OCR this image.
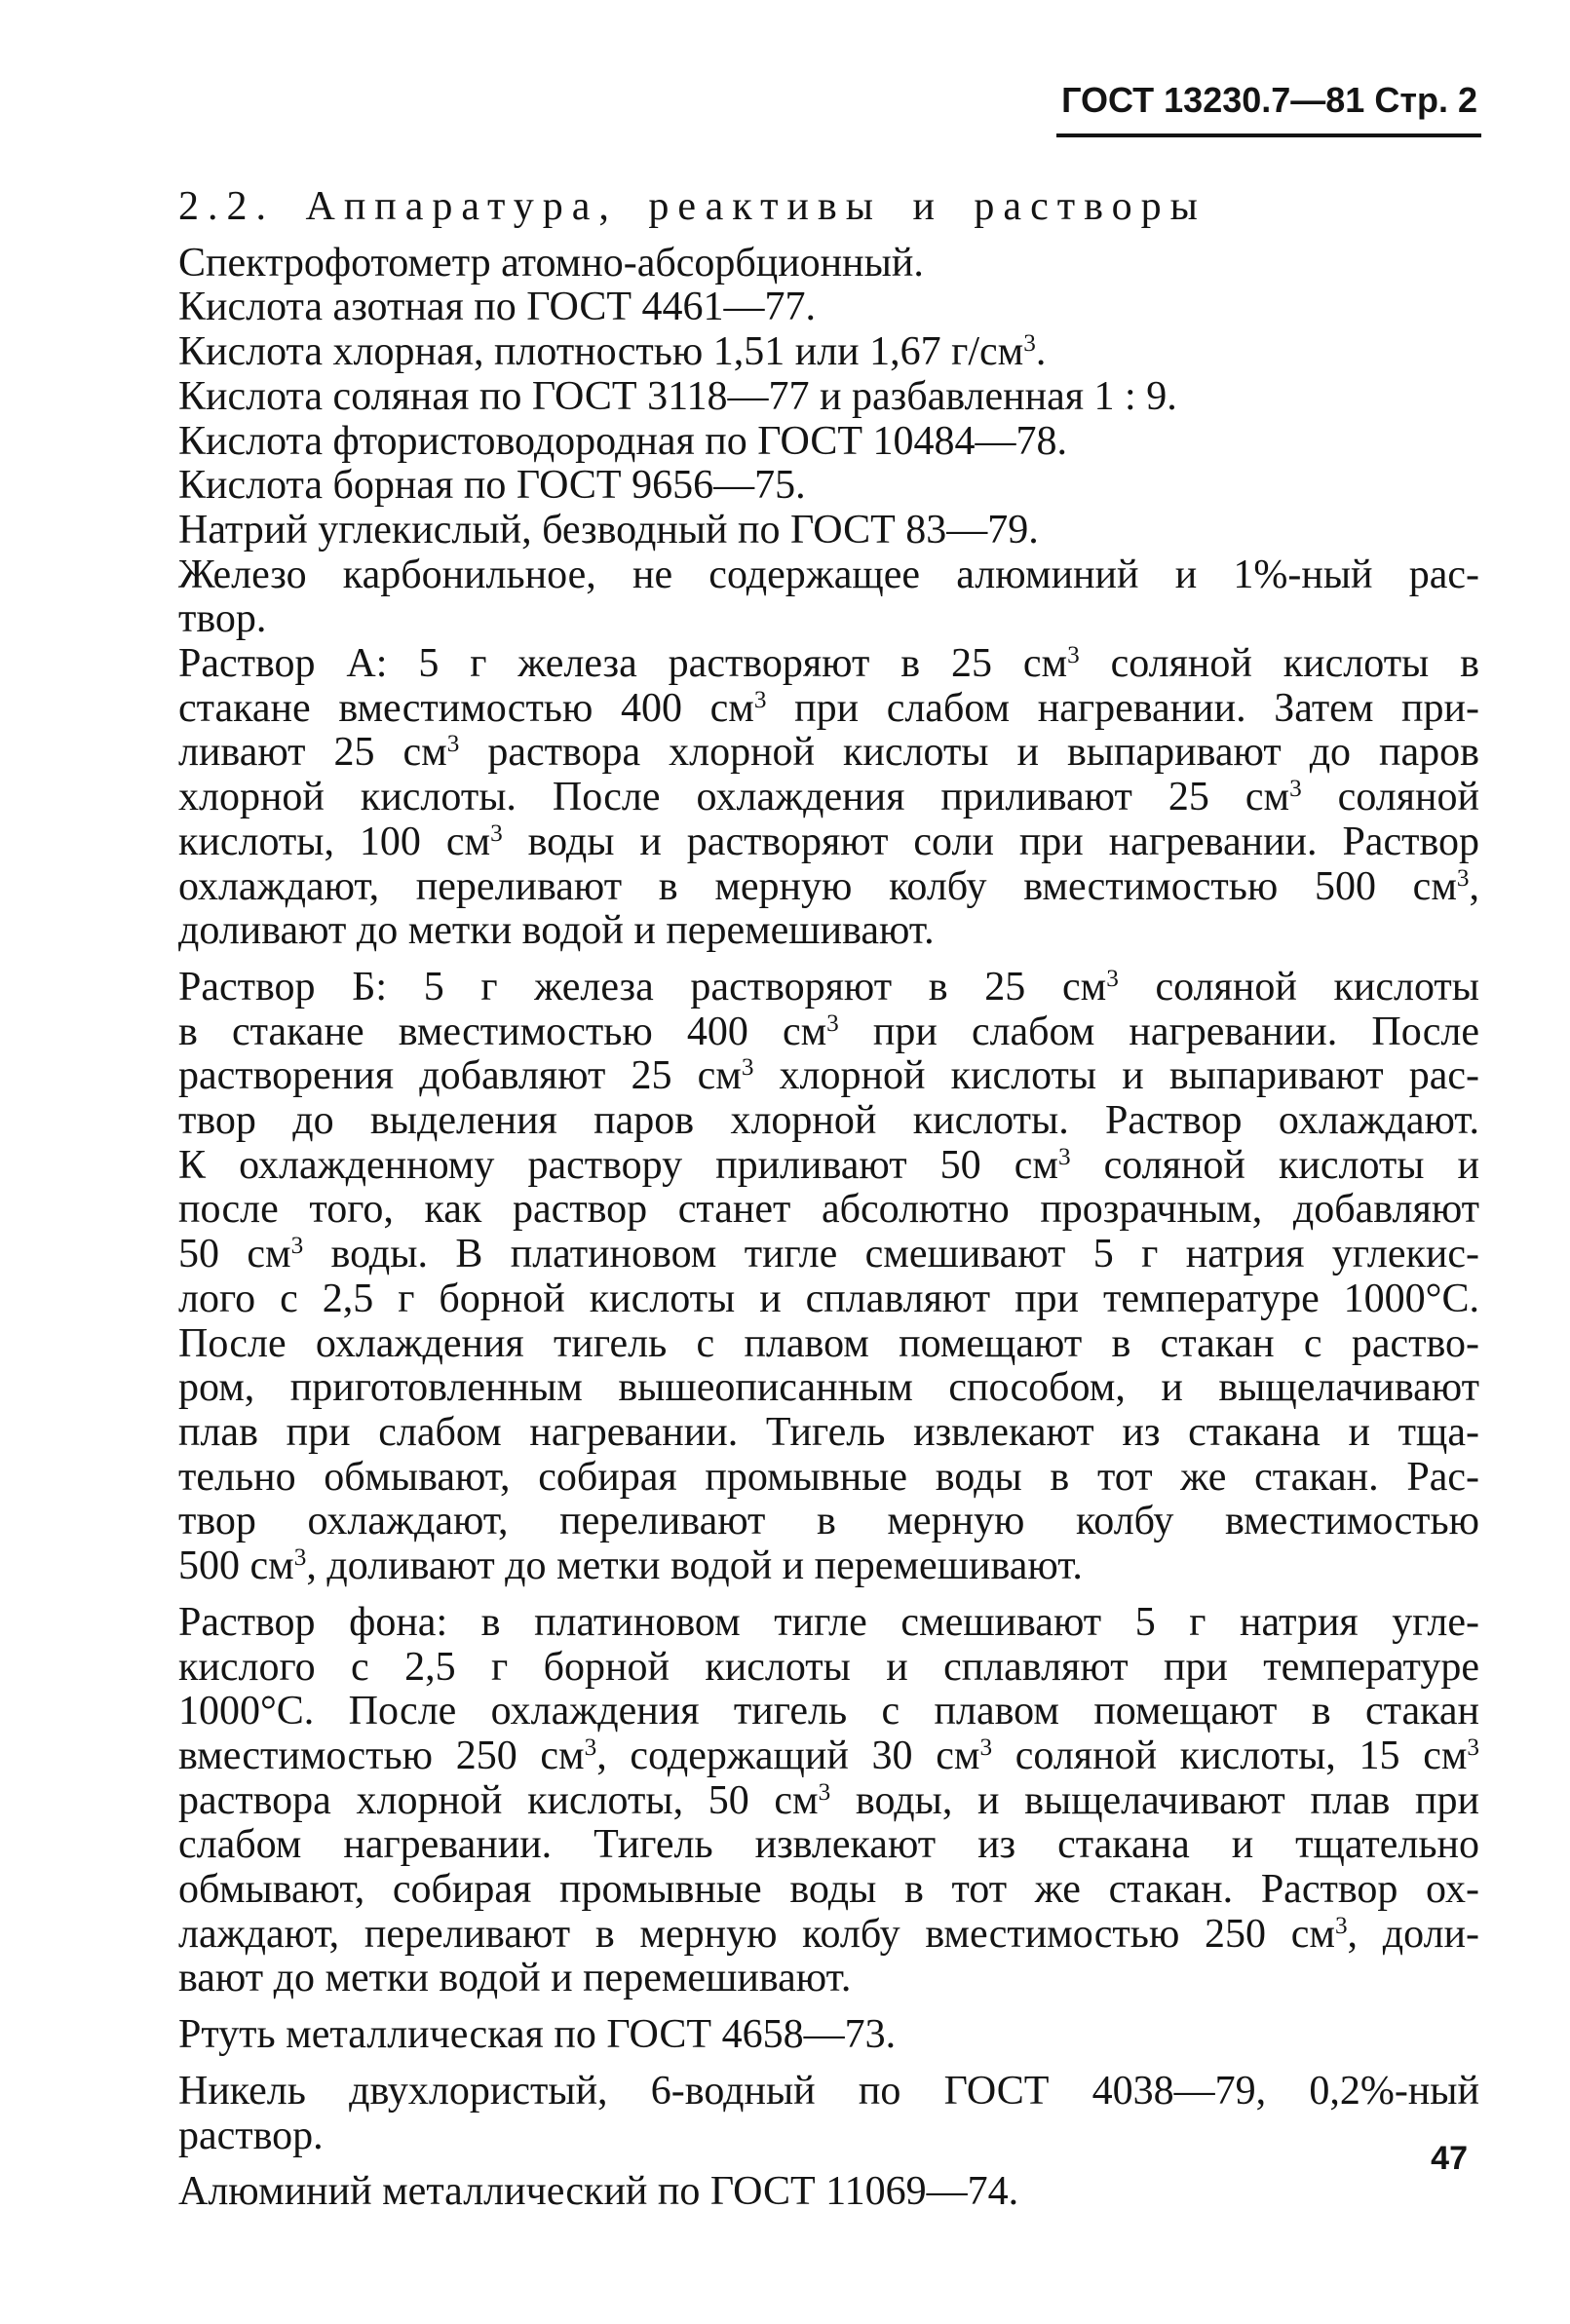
ГОСТ 13230.7—81 Стр. 2
2.2. Аппаратура, реактивы и растворы
Спектрофотометр атомно-абсорбционный.
Кислота азотная по ГОСТ 4461—77.
Кислота хлорная, плотностью 1,51 или 1,67 $г/см^3$.
Кислота соляная по ГОСТ 3118—77 и разбавленная 1 : 9.
Кислота фтористоводородная по ГОСТ 10484—78.
Кислота борная по ГОСТ 9656—75.
Натрий углекислый, безводный по ГОСТ 83—79.
Железо карбонильное, не содержащее алюминий и 1%-ный рас-
твор.
Раствор А: 5 г железа растворяют в 25 $см^3$ соляной кислоты в
стакане вместимостью 400 $см^3$ при слабом нагревании. Затем при-
ливают 25 $см^3$ раствора хлорной кислоты и выпаривают до паров
хлорной кислоты. После охлаждения приливают 25 $см^3$ соляной
кислоты, 100 $см^3$ воды и растворяют соли при нагревании. Раствор
охлаждают, переливают в мерную колбу вместимостью 500 $см^3$,
доливают до метки водой и перемешивают.
Раствор Б: 5 г железа растворяют в 25 $см^3$ соляной кислоты
в стакане вместимостью 400 $см^3$ при слабом нагревании. После
растворения добавляют 25 $см^3$ хлорной кислоты и выпаривают рас-
твор до выделения паров хлорной кислоты. Раствор охлаждают.
К охлажденному раствору приливают 50 $см^3$ соляной кислоты и
после того, как раствор станет абсолютно прозрачным, добавляют
50 $см^3$ воды. В платиновом тигле смешивают 5 г натрия углекис-
лого с 2,5 г борной кислоты и сплавляют при температуре 1000°С.
После охлаждения тигель с плавом помещают в стакан с раство-
ром, приготовленным вышеописанным способом, и выщелачивают
плав при слабом нагревании. Тигель извлекают из стакана и тща-
тельно обмывают, собирая промывные воды в тот же стакан. Рас-
твор охлаждают, переливают в мерную колбу вместимостью
500 $см^3$, доливают до метки водой и перемешивают.
Раствор фона: в платиновом тигле смешивают 5 г натрия угле-
кислого с 2,5 г борной кислоты и сплавляют при температуре
1000°С. После охлаждения тигель с плавом помещают в стакан
вместимостью 250 $см^3$, содержащий 30 $см^3$ соляной кислоты, 15 $см^3$
раствора хлорной кислоты, 50 $см^3$ воды, и выщелачивают плав при
слабом нагревании. Тигель извлекают из стакана и тщательно
обмывают, собирая промывные воды в тот же стакан. Раствор ох-
лаждают, переливают в мерную колбу вместимостью 250 $см^3$, доли-
вают до метки водой и перемешивают.
Ртуть металлическая по ГОСТ 4658—73.
Никель двухлористый, 6-водный по ГОСТ 4038—79, 0,2%-ный
раствор.
Алюминий металлический по ГОСТ 11069—74.
47
